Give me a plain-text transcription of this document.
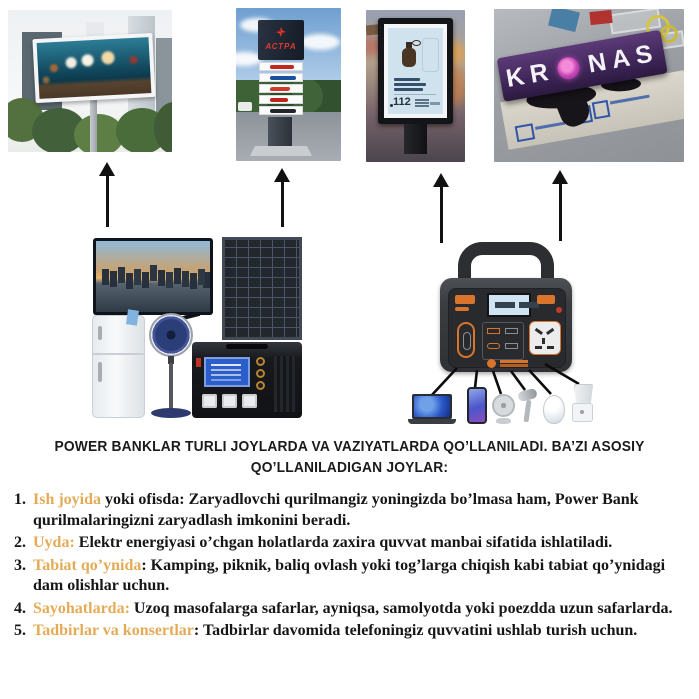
АСТРА
112
KR NAS
POWER BANKLAR TURLI JOYLARDA VA VAZIYATLARDA QO’LLANILADI. BA’ZI ASOSIY
QO’LLANILADIGAN JOYLAR:
1. Ish joyida yoki ofisda: Zaryadlovchi qurilmangiz yoningizda bo’lmasa ham, Power Bank qurilmalaringizni zaryadlash imkonini beradi.

2. Uyda: Elektr energiyasi o’chgan holatlarda zaxira quvvat manbai sifatida ishlatiladi.

3. Tabiat qo’ynida: Kamping, piknik, baliq ovlash yoki tog’larga chiqish kabi tabiat qo’ynidagi dam olishlar uchun.

4. Sayohatlarda: Uzoq masofalarga safarlar, ayniqsa, samolyotda yoki poezdda uzun safarlarda.

5. Tadbirlar va konsertlar: Tadbirlar davomida telefoningiz quvvatini ushlab turish uchun.
